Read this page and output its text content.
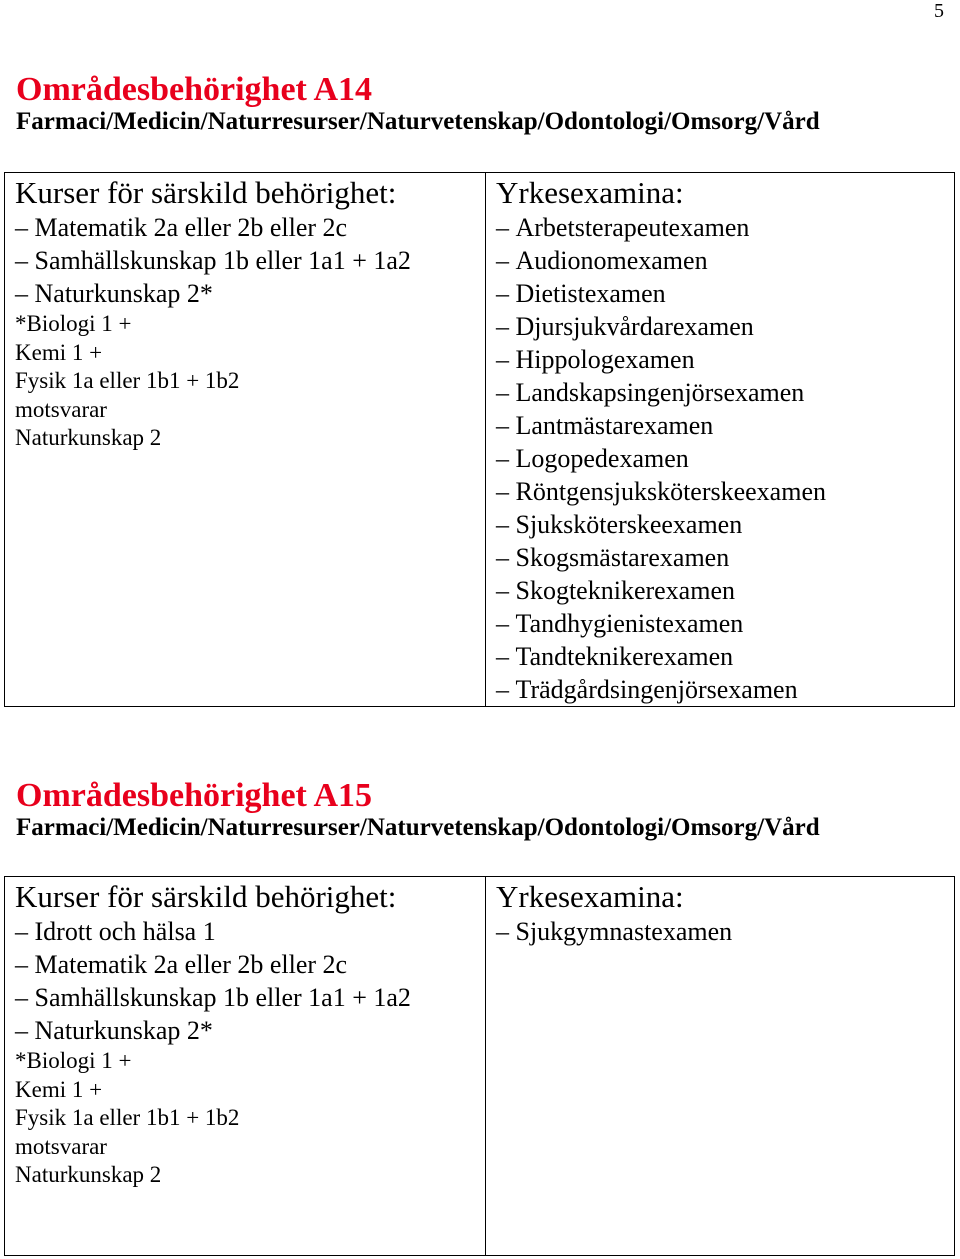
5
Områdesbehörighet A14
Farmaci/Medicin/Naturresurser/Naturvetenskap/Odontologi/Omsorg/Vård
Kurser för särskild behörighet:
– Matematik 2a eller 2b eller 2c
– Samhällskunskap 1b eller 1a1 + 1a2
– Naturkunskap 2*
*Biologi 1 +
Kemi 1 +
Fysik 1a eller 1b1 + 1b2
motsvarar
Naturkunskap 2
Yrkesexamina:
– Arbetsterapeutexamen
– Audionomexamen
– Dietistexamen
– Djursjukvårdarexamen
– Hippologexamen
– Landskapsingenjörsexamen
– Lantmästarexamen
– Logopedexamen
– Röntgensjuksköterskeexamen
– Sjuksköterskeexamen
– Skogsmästarexamen
– Skogteknikerexamen
– Tandhygienistexamen
– Tandteknikerexamen
– Trädgårdsingenjörsexamen
Områdesbehörighet A15
Farmaci/Medicin/Naturresurser/Naturvetenskap/Odontologi/Omsorg/Vård
Kurser för särskild behörighet:
– Idrott och hälsa 1
– Matematik 2a eller 2b eller 2c
– Samhällskunskap 1b eller 1a1 + 1a2
– Naturkunskap 2*
*Biologi 1 +
Kemi 1 +
Fysik 1a eller 1b1 + 1b2
motsvarar
Naturkunskap 2
Yrkesexamina:
– Sjukgymnastexamen
